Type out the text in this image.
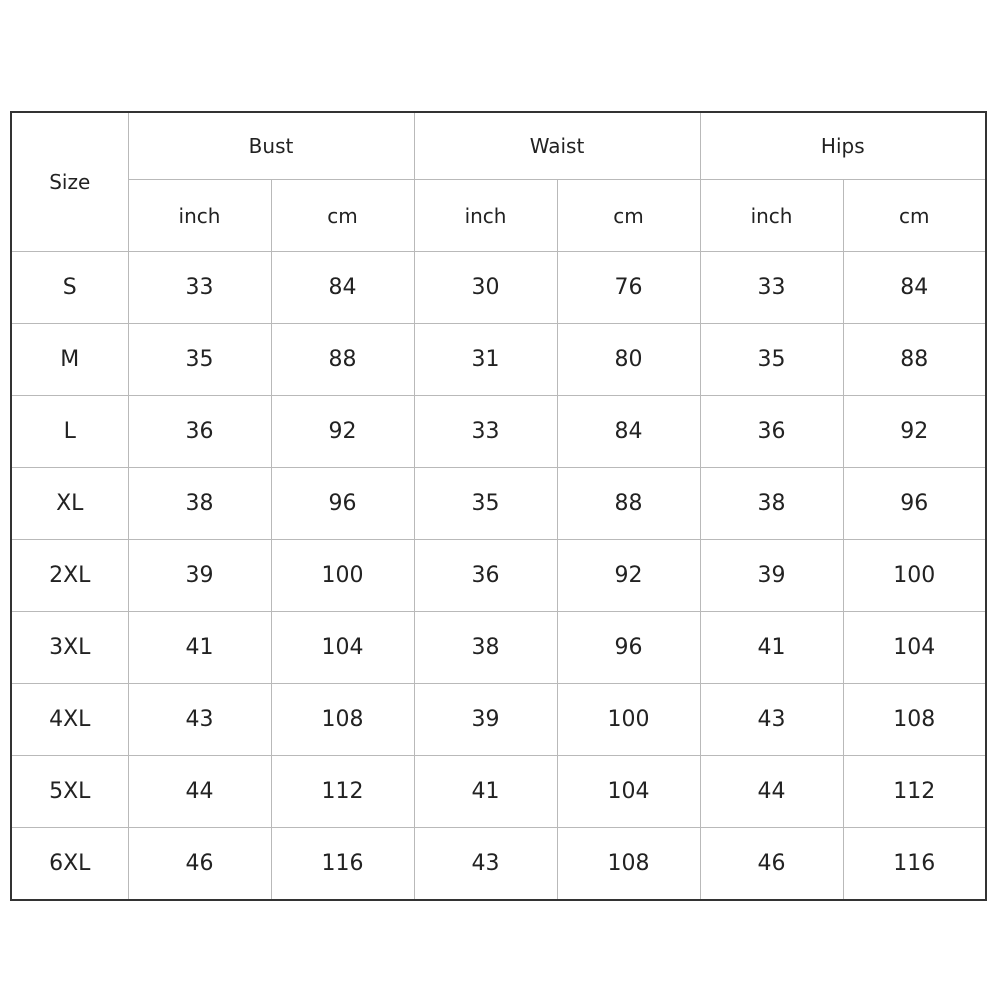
Size	Bust		Waist		Hips	
	inch	cm	inch	cm	inch	cm
S	33	84	30	76	33	84
M	35	88	31	80	35	88
L	36	92	33	84	36	92
XL	38	96	35	88	38	96
2XL	39	100	36	92	39	100
3XL	41	104	38	96	41	104
4XL	43	108	39	100	43	108
5XL	44	112	41	104	44	112
6XL	46	116	43	108	46	116
